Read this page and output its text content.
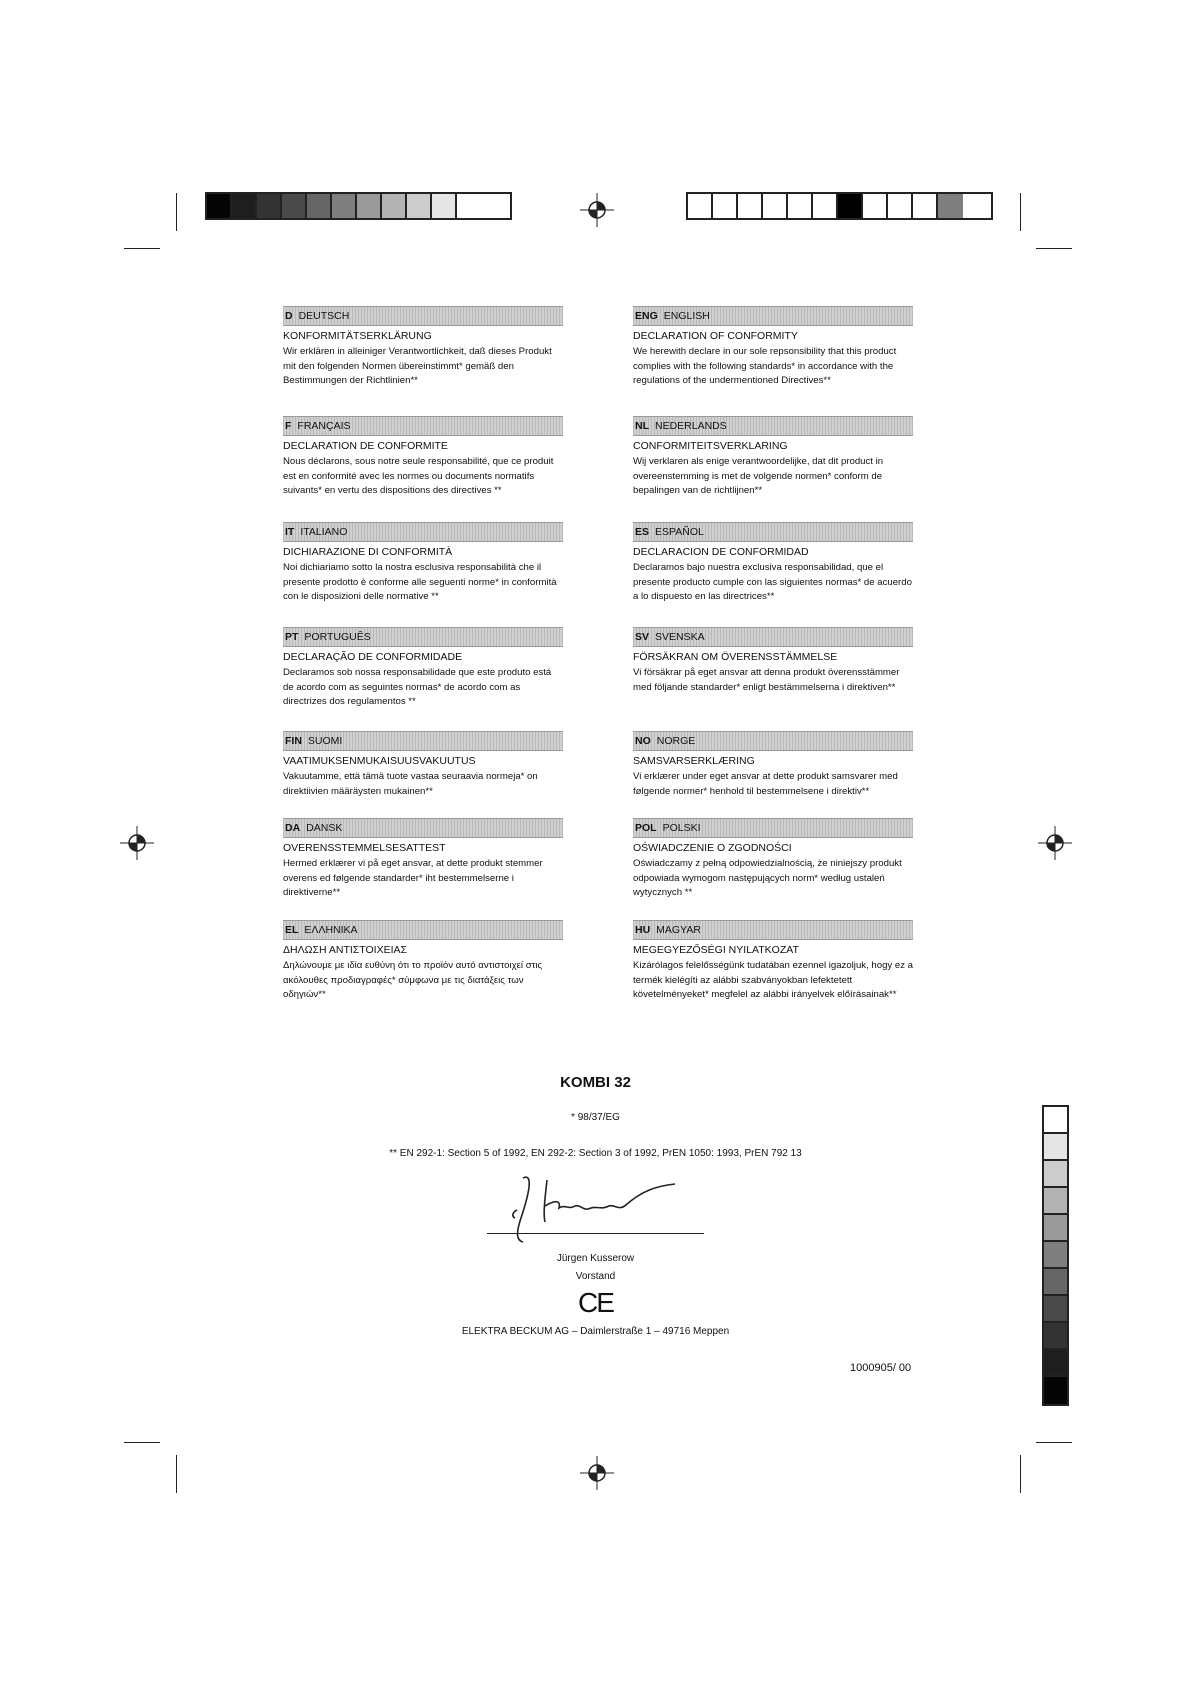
D DEUTSCH
KONFORMITÄTSERKLÄRUNG
Wir erklären in alleiniger Verantwortlichkeit, daß dieses Produkt mit den folgenden Normen übereinstimmt* gemäß den Bestimmungen der Richtlinien**
F FRANÇAIS
DECLARATION DE CONFORMITE
Nous déclarons, sous notre seule responsabilité, que ce produit est en conformité avec les normes ou documents normatifs suivants* en vertu des dispositions des directives **
IT ITALIANO
DICHIARAZIONE DI CONFORMITÀ
Noi dichiariamo sotto la nostra esclusiva responsabilità che il presente prodotto è conforme alle seguenti norme* in conformità con le disposizioni delle normative **
PT PORTUGUÊS
DECLARAÇÃO DE CONFORMIDADE
Declaramos sob nossa responsabilidade que este produto está de acordo com as seguintes normas* de acordo com as directrizes dos regulamentos **
FIN SUOMI
VAATIMUKSENMUKAISUUSVAKUUTUS
Vakuutamme, että tämä tuote vastaa seuraavia normeja* on direktiivien määräysten mukainen**
DA DANSK
OVERENSSTEMMELSESATTEST
Hermed erklærer vi på eget ansvar, at dette produkt stemmer overens ed følgende standarder* iht bestemmelserne i direktiverne**
EL ΕΛΛΗΝΙΚΑ
ΔΗΛΩΣΗ ΑΝΤΙΣΤΟΙΧΕΙΑΣ
Δηλώνουμε με ιδία ευθύνη ότι το προϊόν αυτό αντιστοιχεί στις ακόλουθες προδιαγραφές* σύμφωνα με τις διατάξεις των οδηγιών**
ENG ENGLISH
DECLARATION OF CONFORMITY
We herewith declare in our sole repsonsibility that this product complies with the following standards* in accordance with the regulations of the undermentioned Directives**
NL NEDERLANDS
CONFORMITEITSVERKLARING
Wij verklaren als enige verantwoordelijke, dat dit product in overeenstemming is met de volgende normen* conform de bepalingen van de richtlijnen**
ES ESPAÑOL
DECLARACION DE CONFORMIDAD
Declaramos bajo nuestra exclusiva responsabilidad, que el presente producto cumple con las siguientes normas* de acuerdo a lo dispuesto en las directrices**
SV SVENSKA
FÖRSÄKRAN OM ÖVERENSSTÄMMELSE
Vi försäkrar på eget ansvar att denna produkt överensstämmer med följande standarder* enligt bestämmelserna i direktiven**
NO NORGE
SAMSVARSERKLÆRING
Vi erklærer under eget ansvar at dette produkt samsvarer med følgende normer* henhold til bestemmelsene i direktiv**
POL POLSKI
OŚWIADCZENIE O ZGODNOŚCI
Oświadczamy z pełną odpowiedzialnością, że niniejszy produkt odpowiada wymogom następujących norm* według ustaleń wytycznych **
HU MAGYAR
MEGEGYEZŐSÉGI NYILATKOZAT
Kizárólagos felelősségünk tudatában ezennel igazoljuk, hogy ez a termék kielégíti az alábbi szabványokban lefektetett követelményeket* megfelel az alábbi irányelvek előírásainak**
KOMBI 32
* 98/37/EG
** EN 292-1: Section 5 of 1992, EN 292-2: Section 3 of 1992, PrEN 1050: 1993, PrEN 792 13
Jürgen Kusserow
Vorstand
CE
ELEKTRA BECKUM AG – Daimlerstraße 1 – 49716 Meppen
1000905/ 00
